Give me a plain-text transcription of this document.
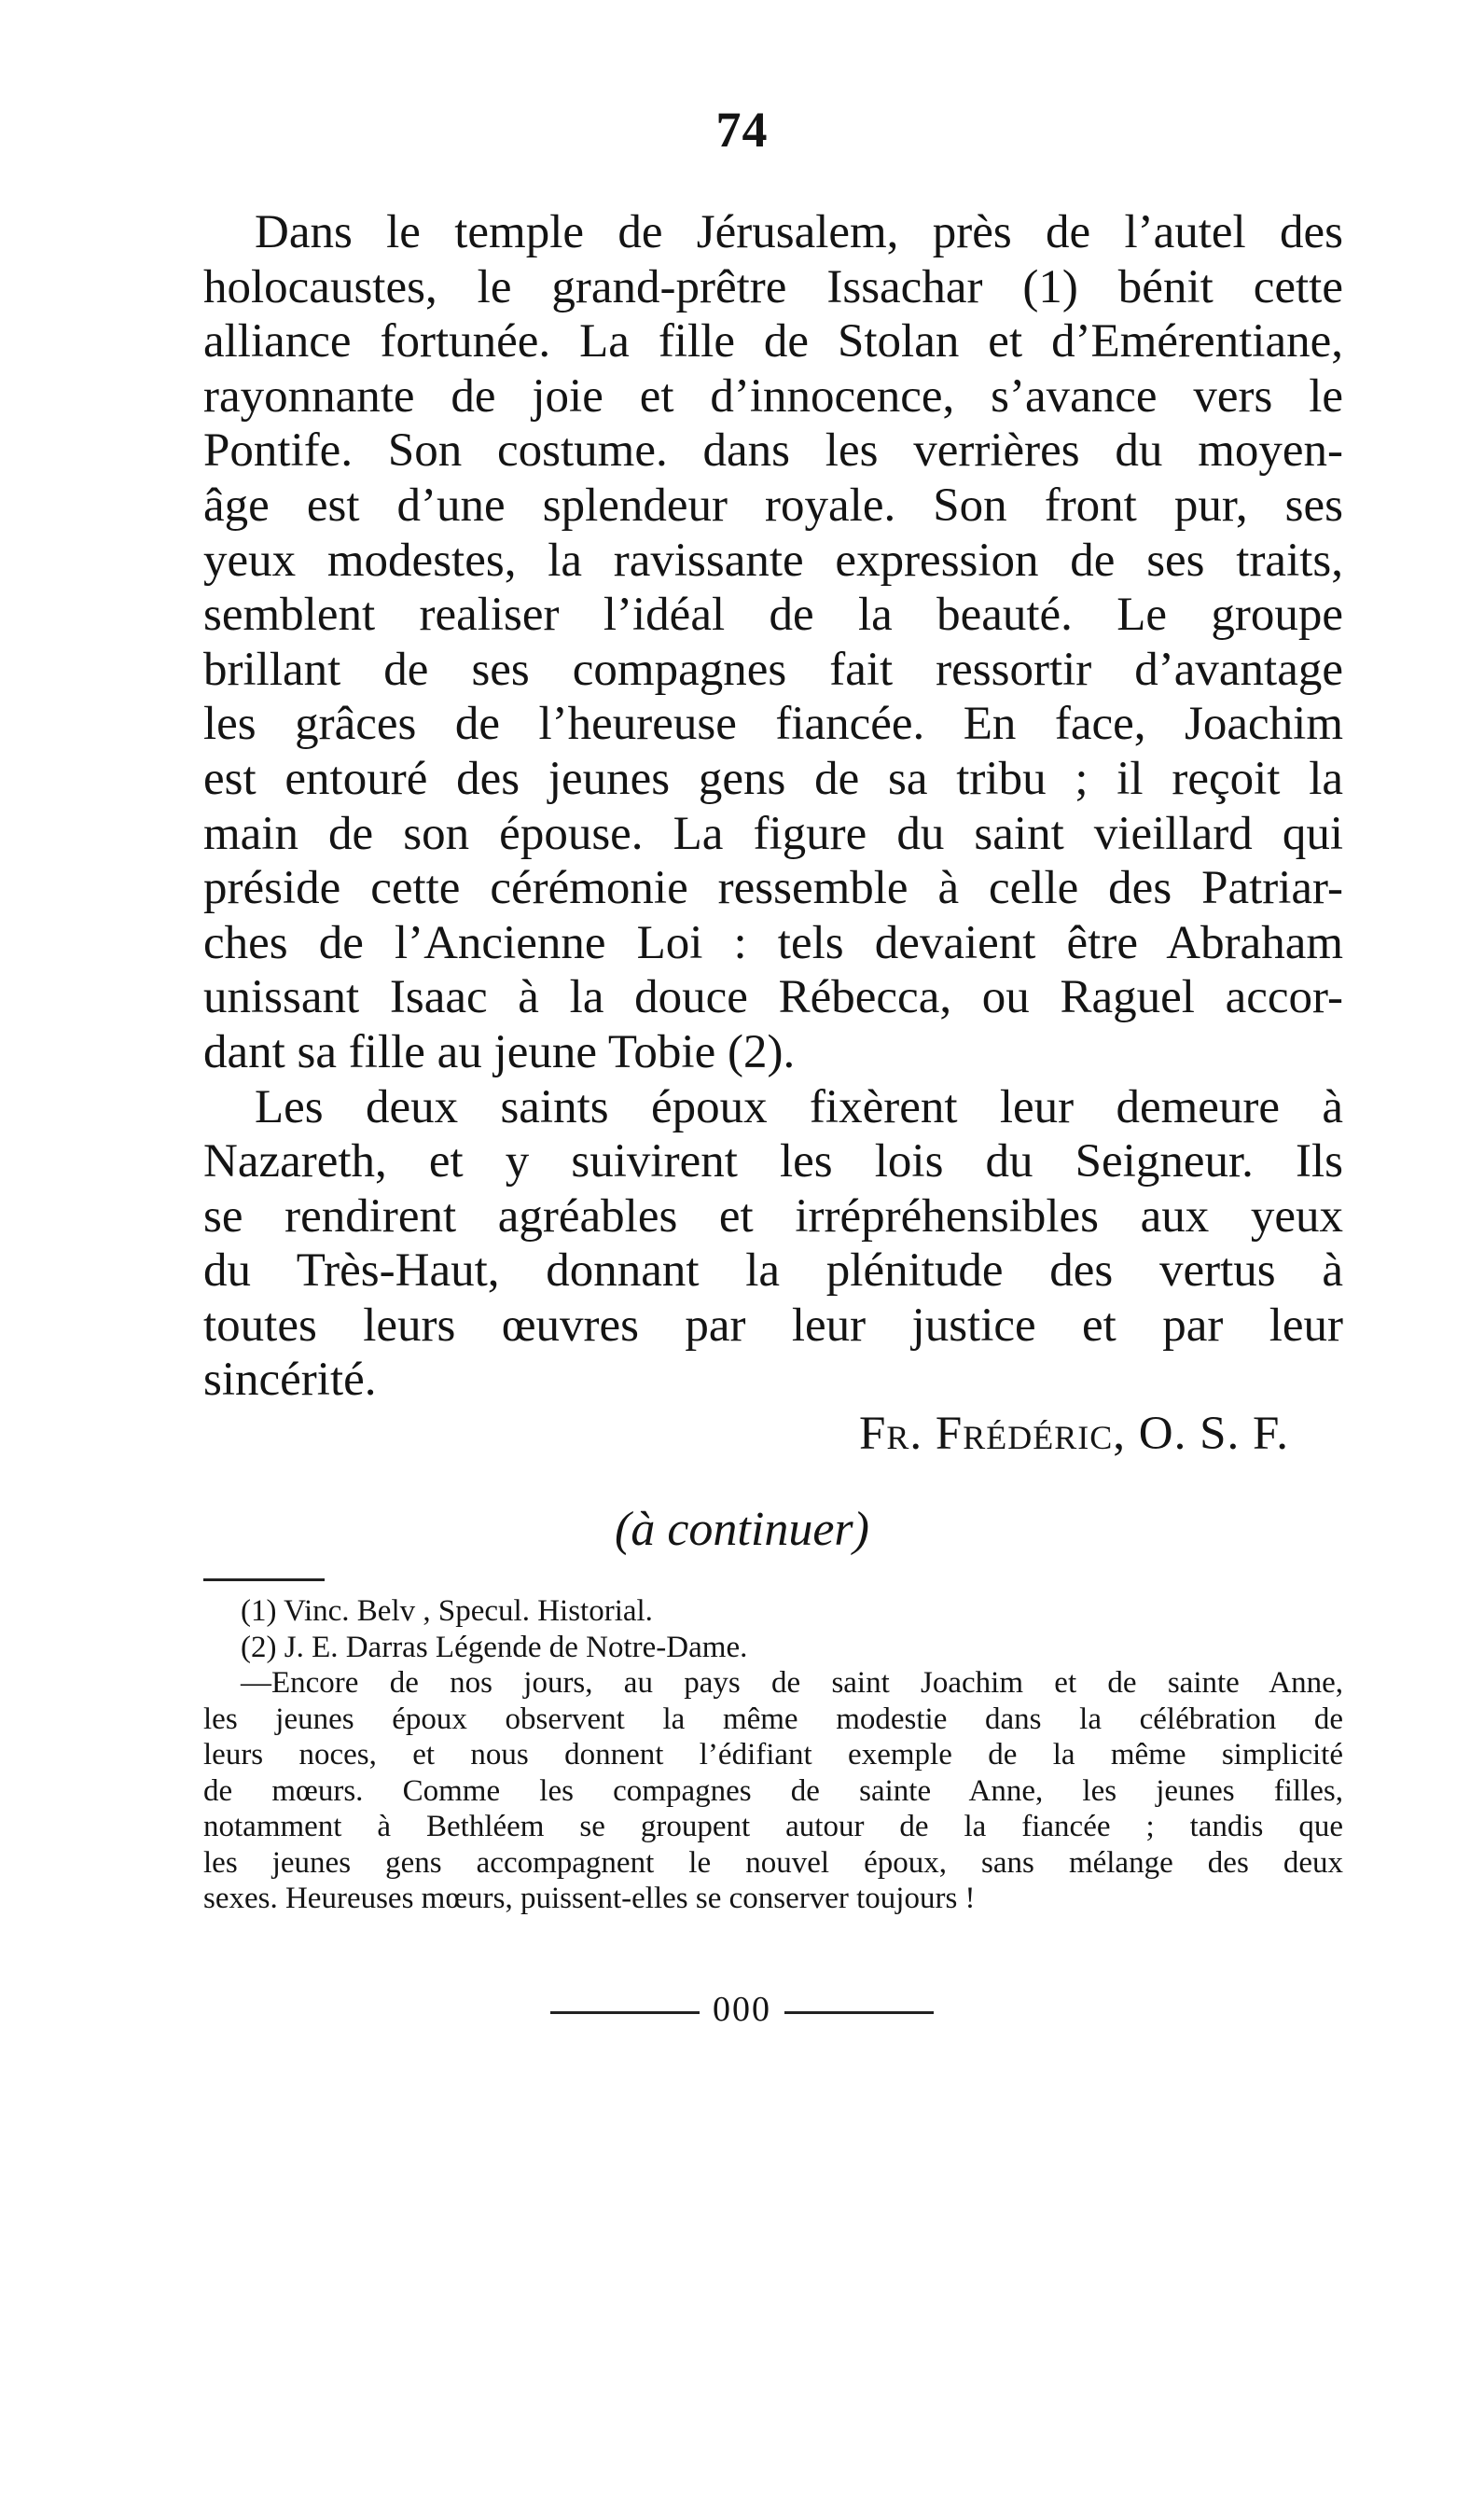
74
Dans le temple de Jérusalem, près de l’autel des
holocaustes, le grand-prêtre Issachar (1) bénit cette
alliance fortunée. La fille de Stolan et d’Emérentiane,
rayonnante de joie et d’innocence, s’avance vers le
Pontife. Son costume. dans les verrières du moyen-
âge est d’une splendeur royale. Son front pur, ses
yeux modestes, la ravissante expression de ses traits,
semblent realiser l’idéal de la beauté. Le groupe
brillant de ses compagnes fait ressortir d’avantage
les grâces de l’heureuse fiancée. En face, Joachim
est entouré des jeunes gens de sa tribu ; il reçoit la
main de son épouse. La figure du saint vieillard qui
préside cette cérémonie ressemble à celle des Patriar-
ches de l’Ancienne Loi : tels devaient être Abraham
unissant Isaac à la douce Rébecca, ou Raguel accor-
dant sa fille au jeune Tobie (2).
Les deux saints époux fixèrent leur demeure à
Nazareth, et y suivirent les lois du Seigneur. Ils
se rendirent agréables et irrépréhensibles aux yeux
du Très-Haut, donnant la plénitude des vertus à
toutes leurs œuvres par leur justice et par leur
sincérité.
Fr. Frédéric, O. S. F.
(à continuer)
(1) Vinc. Belv , Specul. Historial.
(2) J. E. Darras Légende de Notre-Dame.
—Encore de nos jours, au pays de saint Joachim et de sainte Anne,
les jeunes époux observent la même modestie dans la célébration de
leurs noces, et nous donnent l’édifiant exemple de la même simplicité
de mœurs. Comme les compagnes de sainte Anne, les jeunes filles,
notamment à Bethléem se groupent autour de la fiancée ; tandis que
les jeunes gens accompagnent le nouvel époux, sans mélange des deux
sexes. Heureuses mœurs, puissent-elles se conserver toujours !
000
